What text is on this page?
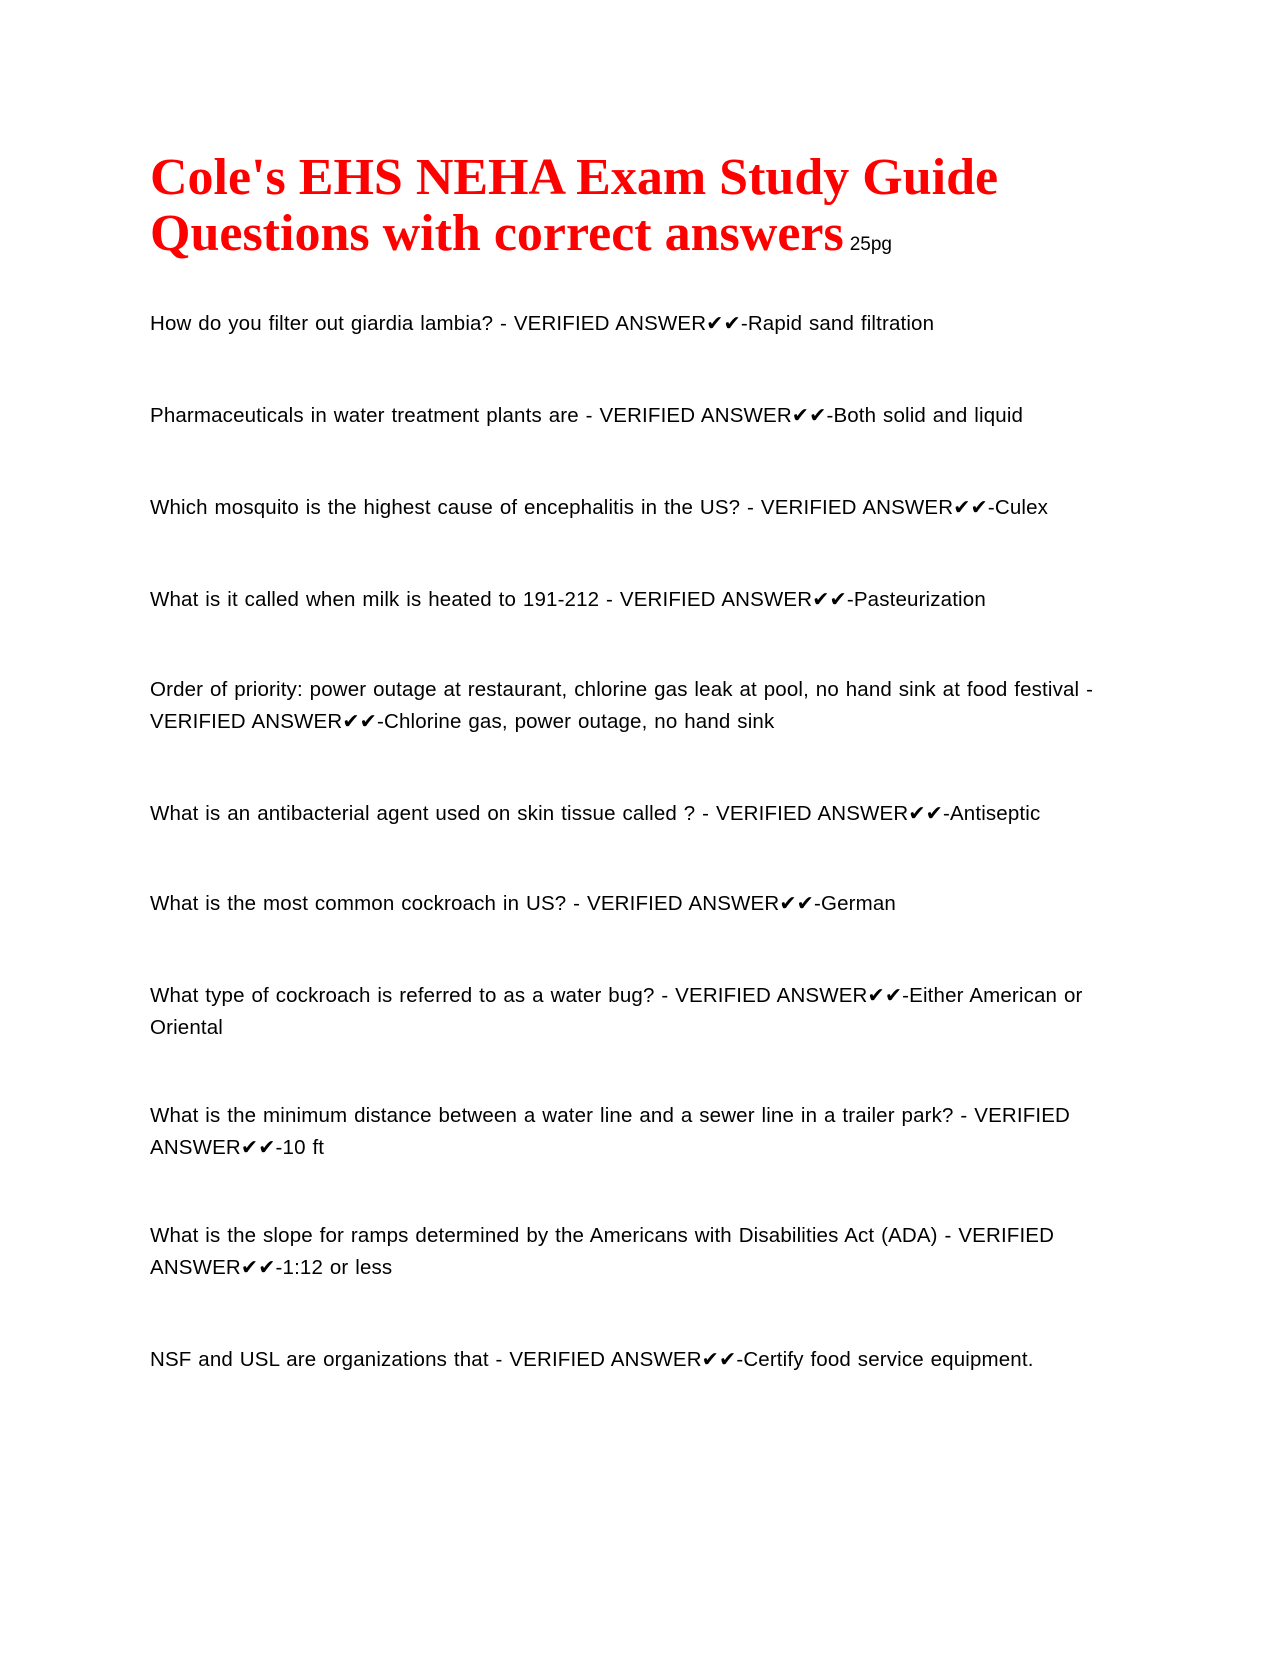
Cole's EHS NEHA Exam Study Guide Questions with correct answers 25pg
How do you filter out giardia lambia? - VERIFIED ANSWER✔✔-Rapid sand filtration
Pharmaceuticals in water treatment plants are - VERIFIED ANSWER✔✔-Both solid and liquid
Which mosquito is the highest cause of encephalitis in the US? - VERIFIED ANSWER✔✔-Culex
What is it called when milk is heated to 191-212 - VERIFIED ANSWER✔✔-Pasteurization
Order of priority: power outage at restaurant, chlorine gas leak at pool, no hand sink at food festival - VERIFIED ANSWER✔✔-Chlorine gas, power outage, no hand sink
What is an antibacterial agent used on skin tissue called ? - VERIFIED ANSWER✔✔-Antiseptic
What is the most common cockroach in US? - VERIFIED ANSWER✔✔-German
What type of cockroach is referred to as a water bug? - VERIFIED ANSWER✔✔-Either American or Oriental
What is the minimum distance between a water line and a sewer line in a trailer park? - VERIFIED ANSWER✔✔-10 ft
What is the slope for ramps determined by the Americans with Disabilities Act (ADA) - VERIFIED ANSWER✔✔-1:12 or less
NSF and USL are organizations that - VERIFIED ANSWER✔✔-Certify food service equipment.
